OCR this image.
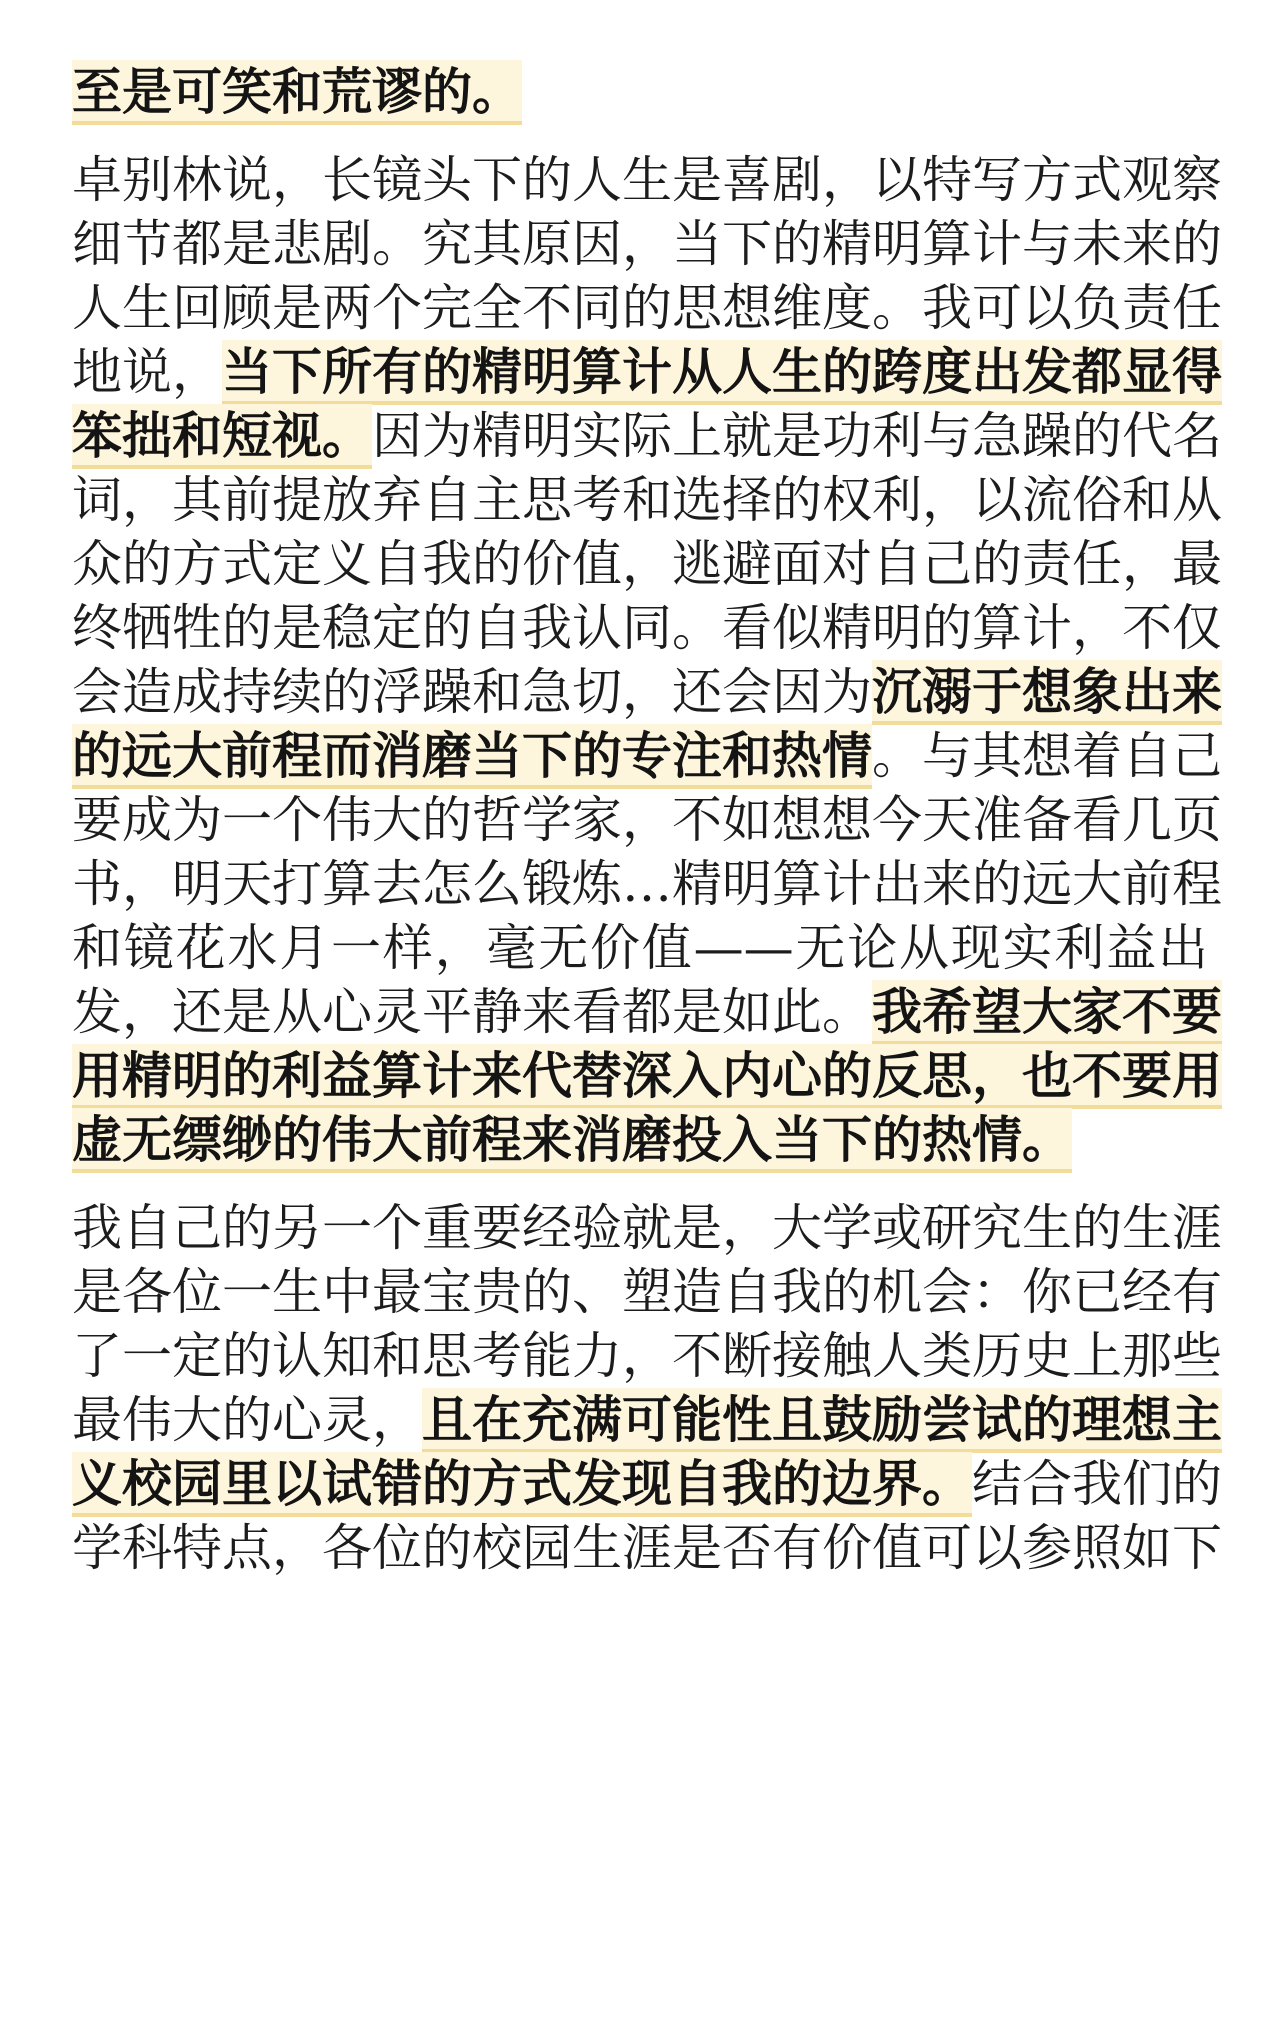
至是可笑和荒谬的。
卓别林说，长镜头下的人生是喜剧，以特写方式观察
细节都是悲剧。究其原因，当下的精明算计与未来的
人生回顾是两个完全不同的思想维度。我可以负责任
地说，当下所有的精明算计从人生的跨度出发都显得
笨拙和短视。因为精明实际上就是功利与急躁的代名
词，其前提放弃自主思考和选择的权利，以流俗和从
众的方式定义自我的价值，逃避面对自己的责任，最
终牺牲的是稳定的自我认同。看似精明的算计，不仅
会造成持续的浮躁和急切，还会因为沉溺于想象出来
的远大前程而消磨当下的专注和热情。与其想着自己
要成为一个伟大的哲学家，不如想想今天准备看几页
书，明天打算去怎么锻炼…精明算计出来的远大前程
和镜花水月一样，毫无价值——无论从现实利益出
发，还是从心灵平静来看都是如此。我希望大家不要
用精明的利益算计来代替深入内心的反思，也不要用
虚无缥缈的伟大前程来消磨投入当下的热情。
我自己的另一个重要经验就是，大学或研究生的生涯
是各位一生中最宝贵的、塑造自我的机会：你已经有
了一定的认知和思考能力，不断接触人类历史上那些
最伟大的心灵，且在充满可能性且鼓励尝试的理想主
义校园里以试错的方式发现自我的边界。结合我们的
学科特点，各位的校园生涯是否有价值可以参照如下
